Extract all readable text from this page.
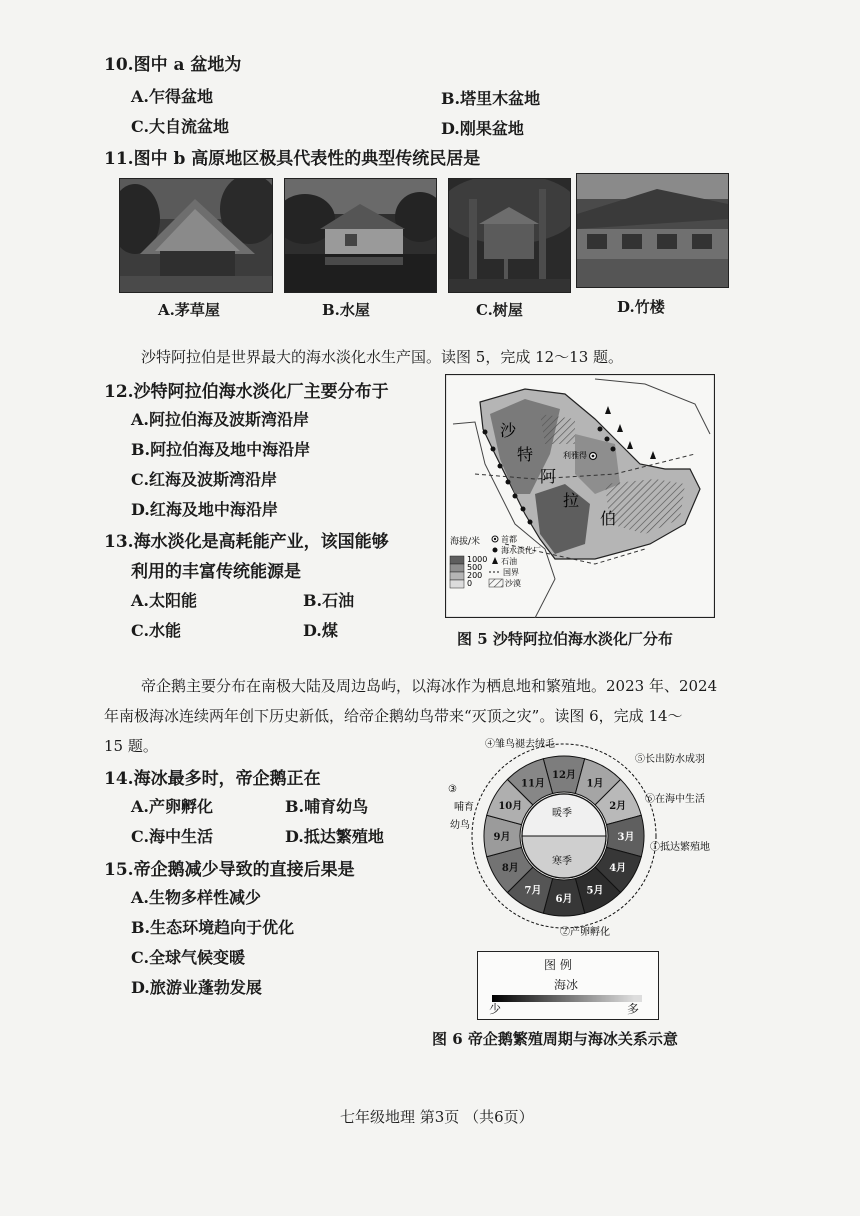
10.图中 a 盆地为
A.乍得盆地	B.塔里木盆地
C.大自流盆地	D.刚果盆地
11.图中 b 高原地区极具代表性的典型传统民居是
A.茅草屋	B.水屋	C.树屋	D.竹楼
沙特阿拉伯是世界最大的海水淡化水生产国。读图 5，完成 12～13 题。
12.沙特阿拉伯海水淡化厂主要分布于
A.阿拉伯海及波斯湾沿岸
B.阿拉伯海及地中海沿岸
C.红海及波斯湾沿岸
D.红海及地中海沿岸
13.海水淡化是高耗能产业，该国能够
利用的丰富传统能源是
A.太阳能	B.石油
C.水能	D.煤
利雅得
沙
特
阿
拉
伯
海拔/米
1000
500
200
0
首都
海水淡化厂
石油
国界
沙漠
图 5 沙特阿拉伯海水淡化厂分布
帝企鹅主要分布在南极大陆及周边岛屿，以海冰作为栖息地和繁殖地。2023 年、2024
年南极海冰连续两年创下历史新低，给帝企鹅幼鸟带来“灭顶之灾”。读图 6，完成 14～
15 题。
14.海冰最多时，帝企鹅正在
A.产卵孵化	B.哺育幼鸟
C.海中生活	D.抵达繁殖地
15.帝企鹅减少导致的直接后果是
A.生物多样性减少
B.生态环境趋向于优化
C.全球气候变暖
D.旅游业蓬勃发展
12月
1月
2月
3月
4月
5月
6月
7月
8月
9月
10月
11月
暖季
寒季
④雏鸟褪去绒毛
⑤长出防水成羽
⑥在海中生活
①抵达繁殖地
②产卵孵化
③
哺育
幼鸟
图 例
海冰
少	多
图 6 帝企鹅繁殖周期与海冰关系示意
七年级地理 第3页 （共6页）
